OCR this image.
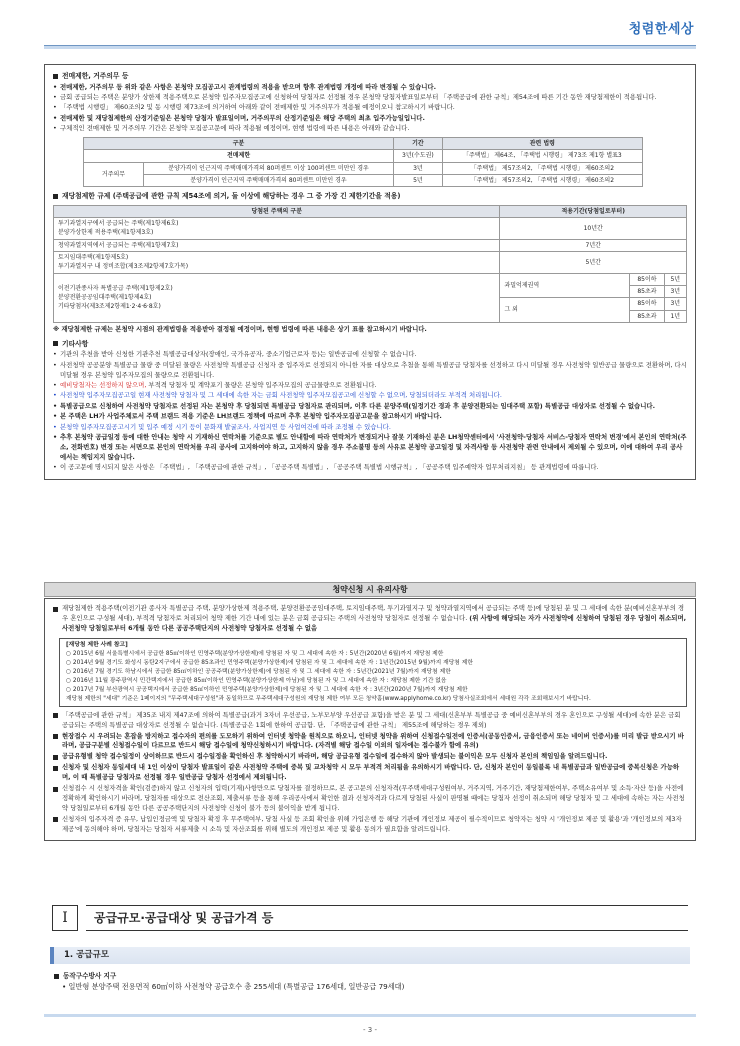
청렴한세상
전매제한, 거주의무 등
• 전매제한, 거주의무 등 위와 같은 사항은 본청약 모집공고시 관계법령의 적용을 받으며 향후 관계법령 개정에 따라 변경될 수 있습니다.
• 금회 공급되는 주택은 분양가 상한제 적용주택으로 본청약 입주자모집공고에 신청하여 당첨자로 선정될 경우 본청약 당첨자발표일로부터 「주택공급에 관한 규칙」제54조에 따른 기간 동안 재당첨제한이 적용됩니다.
• 「주택법 시행령」 제60조의2 및 동 시행령 제73조에 의거하여 아래와 같이 전매제한 및 거주의무가 적용될 예정이오니 참고하시기 바랍니다.
• 전매제한 및 재당첨제한의 산정기준일은 본청약 당첨자 발표일이며, 거주의무의 산정기준일은 해당 주택의 최초 입주가능일입니다.
• 구체적인 전매제한 및 거주의무 기간은 본청약 모집공고문에 따라 적용될 예정이며, 현행 법령에 따른 내용은 아래와 같습니다.
구분		기간	관련 법령
전매제한		3년(수도권)	「주택법」 제64조, 「주택법 시행령」 제73조 제1항 별표3
거주의무	분양가격이 인근지역 주택매매가격의 80퍼센트 이상 100퍼센트 미만인 경우	3년	「주택법」 제57조의2, 「주택법 시행령」 제60조의2
	분양가격이 인근지역 주택매매가격의 80퍼센트 미만인 경우	5년	「주택법」 제57조의2, 「주택법 시행령」 제60조의2
재당첨제한 규제 (주택공급에 관한 규칙 제54조에 의거, 둘 이상에 해당하는 경우 그 중 가장 긴 제한기간을 적용)
당첨된 주택의 구분	적용기간(당첨일로부터)		

투기과열지구에서 공급되는 주택(제1항제6호)
분양가상한제 적용주택(제1항제3호)	10년간		

청약과열지역에서 공급되는 주택(제1항제7호)	7년간		

토지임대주택(제1항제5호)
투기과열지구 내 정비조합(제3조제2항제7호가목)	5년간		

이전기관종사자 특별공급 주택(제1항제2호)
분양전환공공임대주택(제1항제4호)
기타당첨자(제3조제2항제1·2·4·6·8호)	과밀억제권역	85이하	5년
		85초과	3년
	그 외	85이하	3년
		85초과	1년
※ 재당첨제한 규제는 본청약 시점의 관계법령을 적용받아 결정될 예정이며, 현행 법령에 따른 내용은 상기 표를 참고하시기 바랍니다.
기타사항
• 기관의 추천을 받아 신청한 기관추천 특별공급대상자(장애인, 국가유공자, 중소기업근로자 등)는 일반공급에 신청할 수 없습니다.
• 사전청약 공공분양 특별공급 물량 중 미달된 물량은 사전청약 특별공급 신청자 중 입주자로 선정되지 아니한 자를 대상으로 추첨을 통해 특별공급 당첨자를 선정하고 다시 미달될 경우 사전청약 일반공급 물량으로 전환하며, 다시 미달될 경우 본청약 입주자모집의 물량으로 전환됩니다.
• 예비당첨자는 선정하지 않으며, 부적격 당첨자 및 계약포기 물량은 본청약 입주자모집의 공급물량으로 전환됩니다.
• 사전청약 입주자모집공고일 현재 사전청약 당첨자 및 그 세대에 속한 자는 금회 사전청약 입주자모집공고에 신청할 수 없으며, 당첨되더라도 부적격 처리됩니다.
• 특별공급으로 신청하여 사전청약 당첨자로 선정된 자는 본청약 후 당첨되면 특별공급 당첨자로 관리되며, 이후 다른 분양주택(일정기간 경과 후 분양전환되는 임대주택 포함) 특별공급 대상자로 선정될 수 없습니다.
• 본 주택은 LH가 사업주체로서 주택 브랜드 적용 기준은 LH브랜드 정책에 따르며 추후 본청약 입주자모집공고문을 참고하시기 바랍니다.
• 본청약 입주자모집공고시기 및 입주 예정 시기 등이 문화재 발굴조사, 사업지연 등 사업여건에 따라 조정될 수 있습니다.
• 추후 본청약 공급일정 등에 대한 안내는 청약 시 기재하신 연락처를 기준으로 별도 안내함에 따라 연락처가 변경되거나 잘못 기재하신 분은 LH청약센터에서 '사전청약-당첨자 서비스-당첨자 연락처 변경'에서 본인의 연락처(주소, 전화번호) 변경 또는 서면으로 본인의 연락처를 우리 공사에 고지하여야 하고, 고지하지 않을 경우 주소불명 등의 사유로 본청약 공고일정 및 자격사항 등 사전청약 관련 안내에서 제외될 수 있으며, 이에 대하여 우리 공사에서는 책임지지 않습니다.
• 이 공고문에 명시되지 않은 사항은 「주택법」, 「주택공급에 관한 규칙」, 「공공주택 특별법」, 「공공주택 특별법 시행규칙」, 「공공주택 입주예약자 업무처리지침」 등 관계법령에 따릅니다.
청약신청 시 유의사항
재당첨제한 적용주택(이전기관 종사자 특별공급 주택, 분양가상한제 적용주택, 분양전환공공임대주택, 토지임대주택, 투기과열지구 및 청약과열지역에서 공급되는 주택 등)에 당첨된 분 및 그 세대에 속한 분(예비신혼부부의 경우 혼인으로 구성될 세대), 부적격 당첨자로 처리되어 청약 제한 기간 내에 있는 분은 금회 공급되는 주택의 사전청약 당첨자로 선정될 수 없습니다. (위 사항에 해당되는 자가 사전청약에 신청하여 당첨된 경우 당첨이 취소되며, 사전청약 당첨일로부터 6개월 동안 다른 공공주택단지의 사전청약 당첨자로 선정될 수 없음
[재당첨 제한 사례 참고]
○ 2015년 6월 서울특별시에서 공급한 85㎡이하인 민영주택(분양가상한제)에 당첨된 자 및 그 세대에 속한 자 : 5년간(2020년 6월)까지 재당첨 제한
○ 2014년 9월 경기도 화성시 동탄2지구에서 공급한 85초과인 민영주택(분양가상한제)에 당첨된 자 및 그 세대에 속한 자 : 1년간(2015년 9월)까지 재당첨 제한
○ 2016년 7월 경기도 하남시에서 공급한 85㎡이하인 공공주택(분양가상한제)에 당첨된 자 및 그 세대에 속한 자 : 5년간(2021년 7월)까지 재당첨 제한
○ 2016년 11월 광주광역시 민간택지에서 공급한 85㎡이하인 민영주택(분양가상한제 아님)에 당첨된 자 및 그 세대에 속한 자 : 재당첨 제한 기간 없음
○ 2017년 7월 부산광역시 공공택지에서 공급한 85㎡이하인 민영주택(분양가상한제)에 당첨된 자 및 그 세대에 속한 자 : 3년간(2020년 7월)까지 재당첨 제한
재당첨 제한의 "세대" 기준은 1페이지의 "무주택세대구성원"과 동일하므로 무주택세대구성원의 재당첨 제한 여부 모든 청약홈(www.applyhome.co.kr) 당첨사실조회에서 세대원 각각 조회해보시기 바랍니다.
「주택공급에 관한 규칙」 제35조 내지 제47조에 의하여 특별공급(과거 3자녀 우선공급, 노부모부양 우선공급 포함)을 받은 분 및 그 세대(신혼부부 특별공급 중 예비신혼부부의 경우 혼인으로 구성될 세대)에 속한 분은 금회 공급되는 주택의 특별공급 대상자로 선정될 수 없습니다. (특별공급은 1회에 한하여 공급함. 단, 「주택공급에 관한 규칙」 제55조에 해당하는 경우 제외)
현장접수 시 우려되는 혼잡을 방지하고 접수자의 편의를 도모하기 위하여 인터넷 청약을 원칙으로 하오니, 인터넷 청약을 위하여 신청접수일전에 인증서(공동인증서, 금융인증서 또는 네이버 인증서)를 미리 발급 받으시기 바라며, 공급구분별 신청접수일이 다르므로 반드시 해당 접수일에 청약신청하시기 바랍니다. (자격별 해당 접수일 이외의 일자에는 접수불가 함에 유의)
공급유형별 청약 접수일정이 상이하므로 반드시 접수일정을 확인하신 후 청약하시기 바라며, 해당 공급유형 접수일에 접수하지 않아 발생되는 불이익은 모두 신청자 본인의 책임임을 알려드립니다.
신청자 및 신청자 동일세대 내 1인 이상이 당첨자 발표일이 같은 사전청약 주택에 중복 및 교차청약 시 모두 부적격 처리됨을 유의하시기 바랍니다. 단, 신청자 본인이 동일블록 내 특별공급과 일반공급에 중복신청은 가능하며, 이 때 특별공급 당첨자로 선정될 경우 일반공급 당첨자 선정에서 제외됩니다.
신청접수 시 신청자격을 확인(검증)하지 않고 신청자의 입력(기재)사항만으로 당첨자를 결정하므로, 본 공고문의 신청자격(무주택세대구성원여부, 거주지역, 거주기간, 재당첨제한여부, 주택소유여부 및 소득·자산 등)을 사전에 정확하게 확인하시기 바라며, 당첨자를 대상으로 전산조회, 제출서류 등을 통해 우리공사에서 확인한 결과 신청자격과 다르게 당첨된 사실이 판명될 때에는 당첨자 선정이 취소되며 해당 당첨자 및 그 세대에 속하는 자는 사전청약 당첨일로부터 6개월 동안 다른 공공주택단지의 사전청약 신청이 불가 등의 불이익을 받게 됩니다.
신청자의 입주자격 증 유무, 납입인정금액 및 당첨자 확정 후 무주택여부, 당첨 사실 등 조회 확인을 위해 가입은행 등 해당 기관에 개인정보 제공이 필수적이므로 청약자는 청약 시 '개인정보 제공 및 활용'과 '개인정보의 제3자 제공'에 동의해야 하며, 당첨자는 당첨자 서류제출 시 소득 및 자산조회를 위해 별도의 개인정보 제공 및 활용 동의가 필요함을 알려드립니다.
Ⅰ	공급규모·공급대상 및 공급가격 등
1. 공급규모
동작구수방사 지구
• 일반형 분양주택 전용면적 60㎡이하 사전청약 공급호수 총 255세대 (특별공급 176세대, 일반공급 79세대)
- 3 -
